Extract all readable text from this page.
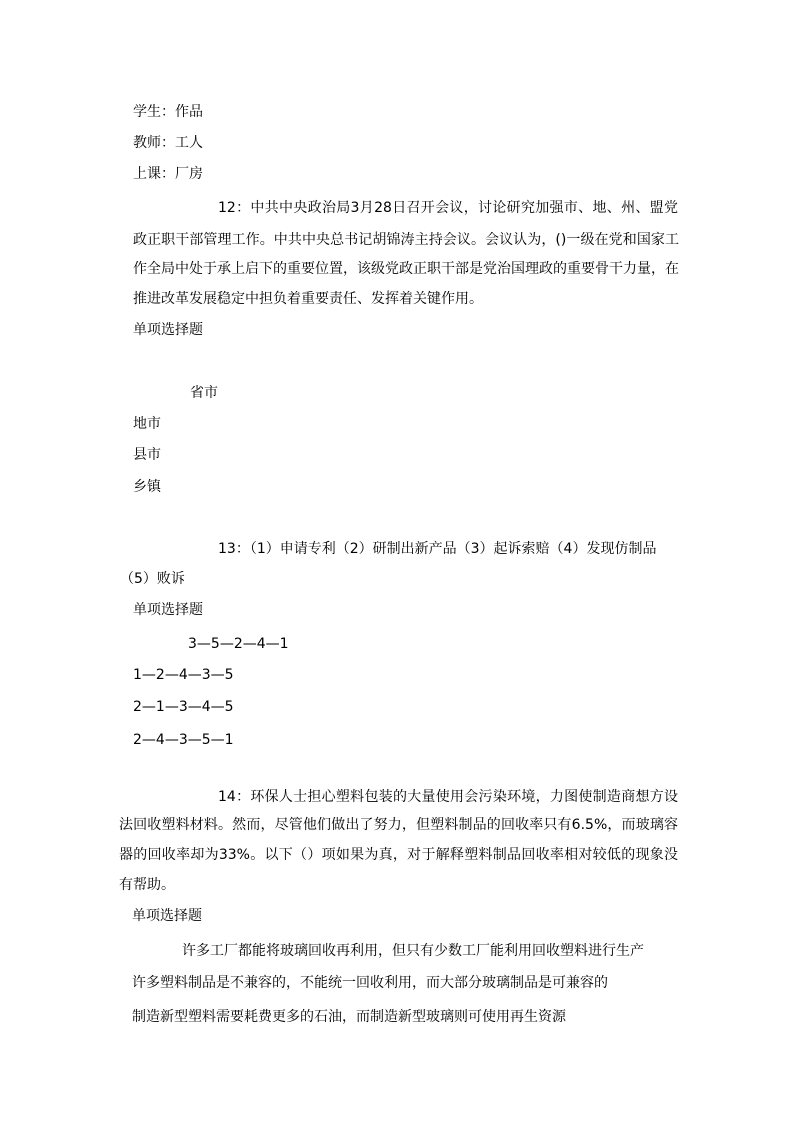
学生：作品
教师：工人
上课：厂房
12：中共中央政治局3月28日召开会议，讨论研究加强市、地、州、盟党
政正职干部管理工作。中共中央总书记胡锦涛主持会议。会议认为，()一级在党和国家工
作全局中处于承上启下的重要位置，该级党政正职干部是党治国理政的重要骨干力量，在
推进改革发展稳定中担负着重要责任、发挥着关键作用。
单项选择题
省市
地市
县市
乡镇
13：（1）申请专利（2）研制出新产品（3）起诉索赔（4）发现仿制品
（5）败诉
单项选择题
3—5—2—4—1
1—2—4—3—5
2—1—3—4—5
2—4—3—5—1
14：环保人士担心塑料包装的大量使用会污染环境，力图使制造商想方设
法回收塑料材料。然而，尽管他们做出了努力，但塑料制品的回收率只有6.5%，而玻璃容
器的回收率却为33%。以下（）项如果为真，对于解释塑料制品回收率相对较低的现象没
有帮助。
单项选择题
许多工厂都能将玻璃回收再利用，但只有少数工厂能利用回收塑料进行生产
许多塑料制品是不兼容的，不能统一回收利用，而大部分玻璃制品是可兼容的
制造新型塑料需要耗费更多的石油，而制造新型玻璃则可使用再生资源
